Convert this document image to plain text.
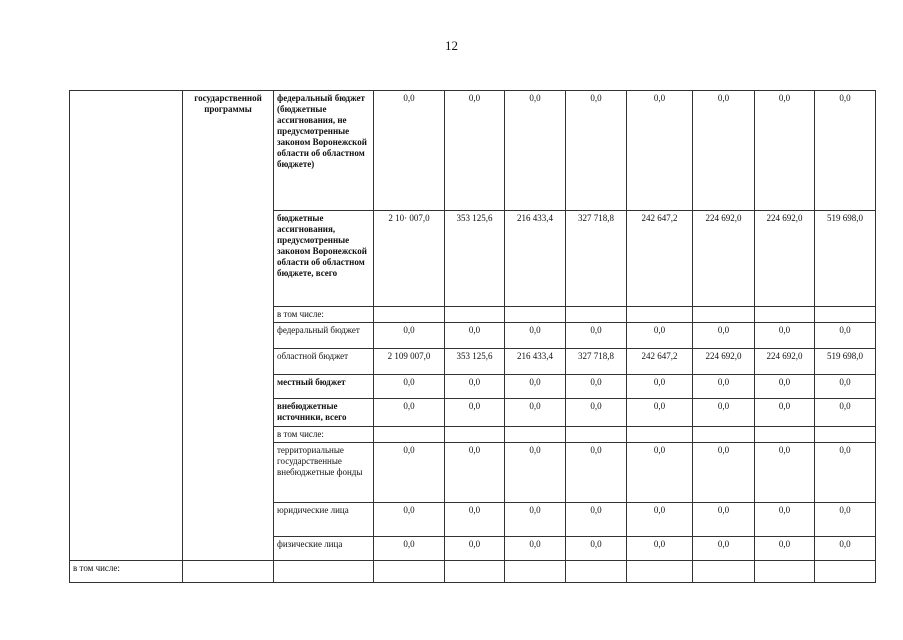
12
	государственной программы	федеральный бюджет (бюджетные ассигнования, не предусмотренные законом Воронежской области об областном бюджете)	0,0	0,0	0,0	0,0	0,0	0,0	0,0	0,0
		бюджетные ассигнования, предусмотренные законом Воронежской области об областном бюджете, всего	2 10· 007,0	353 125,6	216 433,4	327 718,8	242 647,2	224 692,0	224 692,0	519 698,0
		в том числе:								
		федеральный бюджет	0,0	0,0	0,0	0,0	0,0	0,0	0,0	0,0
		областной бюджет	2 109 007,0	353 125,6	216 433,4	327 718,8	242 647,2	224 692,0	224 692,0	519 698,0
		местный бюджет	0,0	0,0	0,0	0,0	0,0	0,0	0,0	0,0
		внебюджетные источники, всего	0,0	0,0	0,0	0,0	0,0	0,0	0,0	0,0
		в том числе:								
		территориальные государственные внебюджетные фонды	0,0	0,0	0,0	0,0	0,0	0,0	0,0	0,0
		юридические лица	0,0	0,0	0,0	0,0	0,0	0,0	0,0	0,0
		физические лица	0,0	0,0	0,0	0,0	0,0	0,0	0,0	0,0
в том числе:										
